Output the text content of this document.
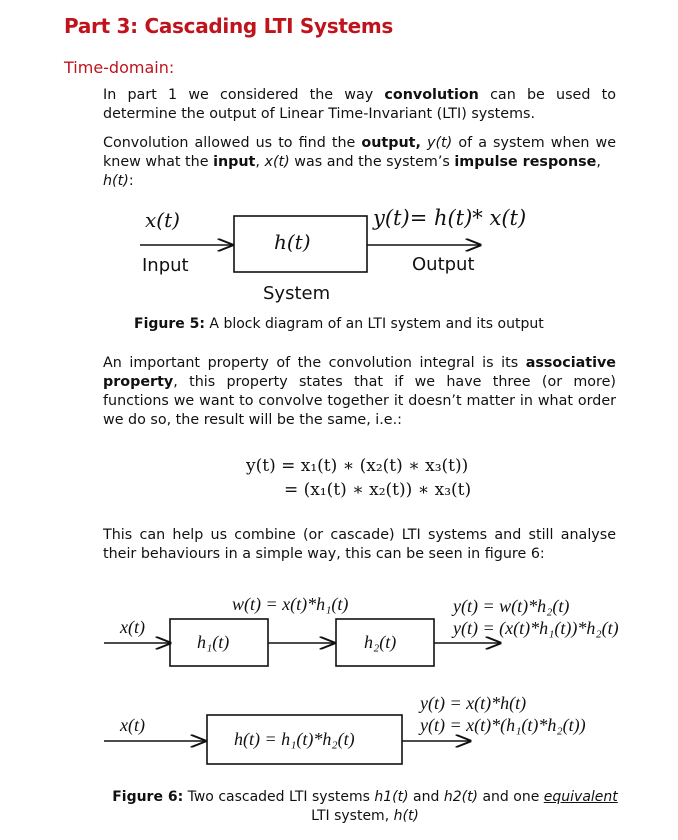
Part 3: Cascading LTI Systems
Time-domain:
In part 1 we considered the way convolution can be used to determine the output of Linear Time-Invariant (LTI) systems.
Convolution allowed us to find the output, y(t) of a system when we knew what the input, x(t) was and the system’s impulse response,
h(t):
x(t)
Input
h(t)
y(t)= h(t)* x(t)
Output
System
Figure 5: A block diagram of an LTI system and its output
An important property of the convolution integral is its associative property, this property states that if we have three (or more) functions we want to convolve together it doesn’t matter in what order we do so, the result will be the same, i.e.:
y(t) = x₁(t) ∗ (x₂(t) ∗ x₃(t))
= (x₁(t) ∗ x₂(t)) ∗ x₃(t)
This can help us combine (or cascade) LTI systems and still analyse their behaviours in a simple way, this can be seen in figure 6:
w(t) = x(t)*h₁(t)
x(t)
h₁(t)	h₂(t)
y(t) = w(t)*h₂(t)
y(t) = (x(t)*h₁(t))*h₂(t)
x(t)
h(t) = h₁(t)*h₂(t)
y(t) = x(t)*h(t)
y(t) = x(t)*(h₁(t)*h₂(t))
Figure 6: Two cascaded LTI systems h1(t) and h2(t) and one equivalent
LTI system, h(t)
